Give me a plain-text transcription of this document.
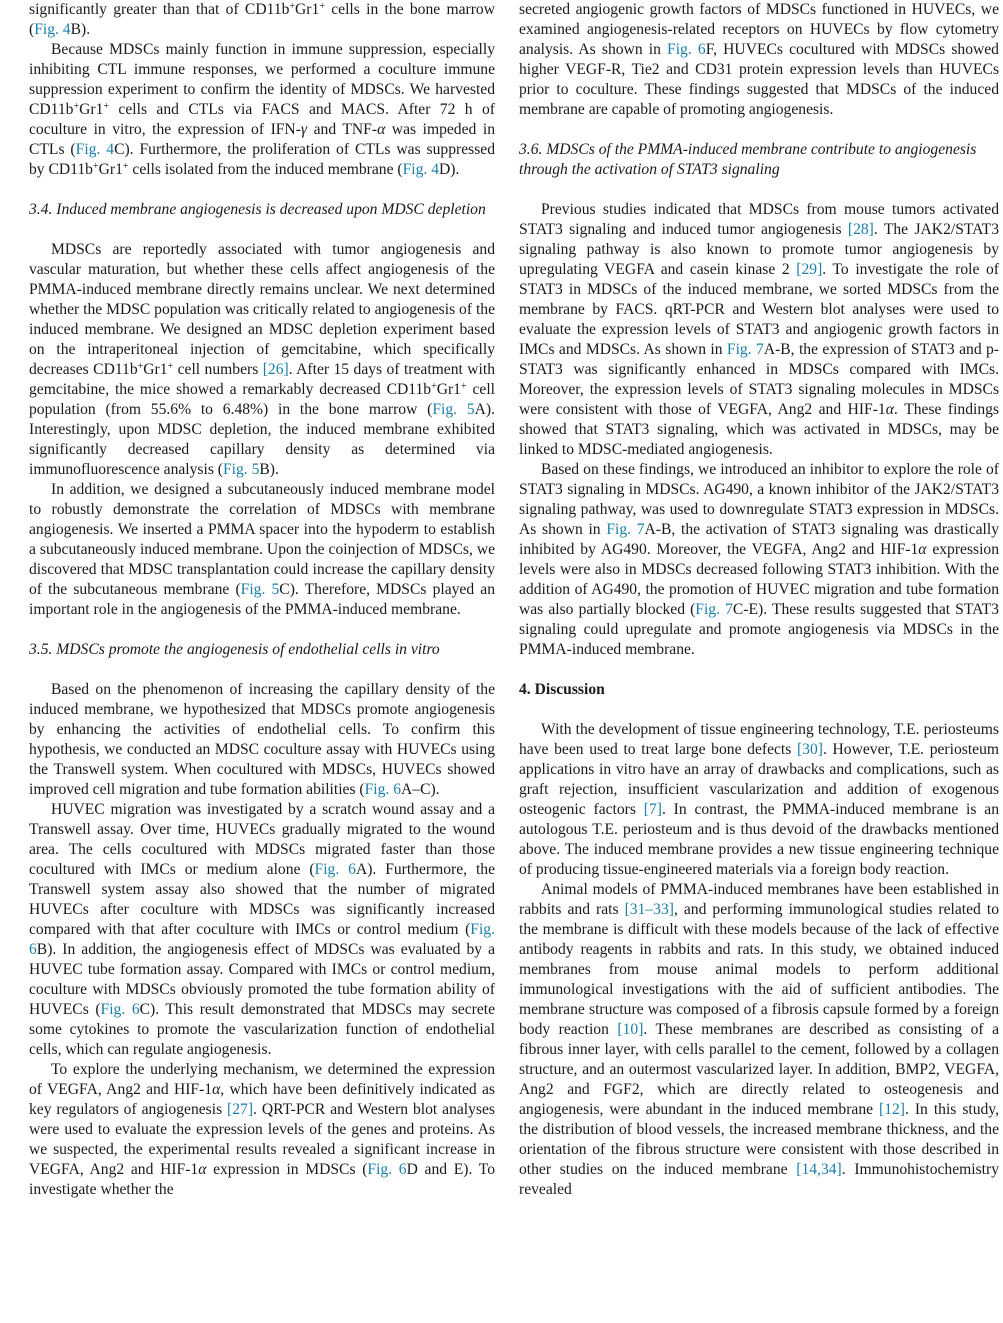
significantly greater than that of CD11b+Gr1+ cells in the bone marrow (Fig. 4B).

Because MDSCs mainly function in immune suppression, especially inhibiting CTL immune responses, we performed a coculture immune suppression experiment to confirm the identity of MDSCs. We harvested CD11b+Gr1+ cells and CTLs via FACS and MACS. After 72 h of coculture in vitro, the expression of IFN-γ and TNF-α was impeded in CTLs (Fig. 4C). Furthermore, the proliferation of CTLs was suppressed by CD11b+Gr1+ cells isolated from the induced membrane (Fig. 4D).

3.4. Induced membrane angiogenesis is decreased upon MDSC depletion

MDSCs are reportedly associated with tumor angiogenesis and vascular maturation, but whether these cells affect angiogenesis of the PMMA-induced membrane directly remains unclear. We next determined whether the MDSC population was critically related to angiogenesis of the induced membrane. We designed an MDSC depletion experiment based on the intraperitoneal injection of gemcitabine, which specifically decreases CD11b+Gr1+ cell numbers [26]. After 15 days of treatment with gemcitabine, the mice showed a remarkably decreased CD11b+Gr1+ cell population (from 55.6% to 6.48%) in the bone marrow (Fig. 5A). Interestingly, upon MDSC depletion, the induced membrane exhibited significantly decreased capillary density as determined via immunofluorescence analysis (Fig. 5B).

In addition, we designed a subcutaneously induced membrane model to robustly demonstrate the correlation of MDSCs with membrane angiogenesis. We inserted a PMMA spacer into the hypoderm to establish a subcutaneously induced membrane. Upon the coinjection of MDSCs, we discovered that MDSC transplantation could increase the capillary density of the subcutaneous membrane (Fig. 5C). Therefore, MDSCs played an important role in the angiogenesis of the PMMA-induced membrane.

3.5. MDSCs promote the angiogenesis of endothelial cells in vitro

Based on the phenomenon of increasing the capillary density of the induced membrane, we hypothesized that MDSCs promote angiogenesis by enhancing the activities of endothelial cells. To confirm this hypothesis, we conducted an MDSC coculture assay with HUVECs using the Transwell system. When cocultured with MDSCs, HUVECs showed improved cell migration and tube formation abilities (Fig. 6A–C).

HUVEC migration was investigated by a scratch wound assay and a Transwell assay. Over time, HUVECs gradually migrated to the wound area. The cells cocultured with MDSCs migrated faster than those cocultured with IMCs or medium alone (Fig. 6A). Furthermore, the Transwell system assay also showed that the number of migrated HUVECs after coculture with MDSCs was significantly increased compared with that after coculture with IMCs or control medium (Fig. 6B). In addition, the angiogenesis effect of MDSCs was evaluated by a HUVEC tube formation assay. Compared with IMCs or control medium, coculture with MDSCs obviously promoted the tube formation ability of HUVECs (Fig. 6C). This result demonstrated that MDSCs may secrete some cytokines to promote the vascularization function of endothelial cells, which can regulate angiogenesis.

To explore the underlying mechanism, we determined the expression of VEGFA, Ang2 and HIF-1α, which have been definitively indicated as key regulators of angiogenesis [27]. QRT-PCR and Western blot analyses were used to evaluate the expression levels of the genes and proteins. As we suspected, the experimental results revealed a significant increase in VEGFA, Ang2 and HIF-1α expression in MDSCs (Fig. 6D and E). To investigate whether the

secreted angiogenic growth factors of MDSCs functioned in HUVECs, we examined angiogenesis-related receptors on HUVECs by flow cytometry analysis. As shown in Fig. 6F, HUVECs cocultured with MDSCs showed higher VEGF-R, Tie2 and CD31 protein expression levels than HUVECs prior to coculture. These findings suggested that MDSCs of the induced membrane are capable of promoting angiogenesis.

3.6. MDSCs of the PMMA-induced membrane contribute to angiogenesis through the activation of STAT3 signaling

Previous studies indicated that MDSCs from mouse tumors activated STAT3 signaling and induced tumor angiogenesis [28]. The JAK2/STAT3 signaling pathway is also known to promote tumor angiogenesis by upregulating VEGFA and casein kinase 2 [29]. To investigate the role of STAT3 in MDSCs of the induced membrane, we sorted MDSCs from the membrane by FACS. qRT-PCR and Western blot analyses were used to evaluate the expression levels of STAT3 and angiogenic growth factors in IMCs and MDSCs. As shown in Fig. 7A-B, the expression of STAT3 and p-STAT3 was significantly enhanced in MDSCs compared with IMCs. Moreover, the expression levels of STAT3 signaling molecules in MDSCs were consistent with those of VEGFA, Ang2 and HIF-1α. These findings showed that STAT3 signaling, which was activated in MDSCs, may be linked to MDSC-mediated angiogenesis.

Based on these findings, we introduced an inhibitor to explore the role of STAT3 signaling in MDSCs. AG490, a known inhibitor of the JAK2/STAT3 signaling pathway, was used to downregulate STAT3 expression in MDSCs. As shown in Fig. 7A-B, the activation of STAT3 signaling was drastically inhibited by AG490. Moreover, the VEGFA, Ang2 and HIF-1α expression levels were also in MDSCs decreased following STAT3 inhibition. With the addition of AG490, the promotion of HUVEC migration and tube formation was also partially blocked (Fig. 7C-E). These results suggested that STAT3 signaling could upregulate and promote angiogenesis via MDSCs in the PMMA-induced membrane.

4. Discussion

With the development of tissue engineering technology, T.E. periosteums have been used to treat large bone defects [30]. However, T.E. periosteum applications in vitro have an array of drawbacks and complications, such as graft rejection, insufficient vascularization and addition of exogenous osteogenic factors [7]. In contrast, the PMMA-induced membrane is an autologous T.E. periosteum and is thus devoid of the drawbacks mentioned above. The induced membrane provides a new tissue engineering technique of producing tissue-engineered materials via a foreign body reaction.

Animal models of PMMA-induced membranes have been established in rabbits and rats [31–33], and performing immunological studies related to the membrane is difficult with these models because of the lack of effective antibody reagents in rabbits and rats. In this study, we obtained induced membranes from mouse animal models to perform additional immunological investigations with the aid of sufficient antibodies. The membrane structure was composed of a fibrosis capsule formed by a foreign body reaction [10]. These membranes are described as consisting of a fibrous inner layer, with cells parallel to the cement, followed by a collagen structure, and an outermost vascularized layer. In addition, BMP2, VEGFA, Ang2 and FGF2, which are directly related to osteogenesis and angiogenesis, were abundant in the induced membrane [12]. In this study, the distribution of blood vessels, the increased membrane thickness, and the orientation of the fibrous structure were consistent with those described in other studies on the induced membrane [14,34]. Immunohistochemistry revealed
